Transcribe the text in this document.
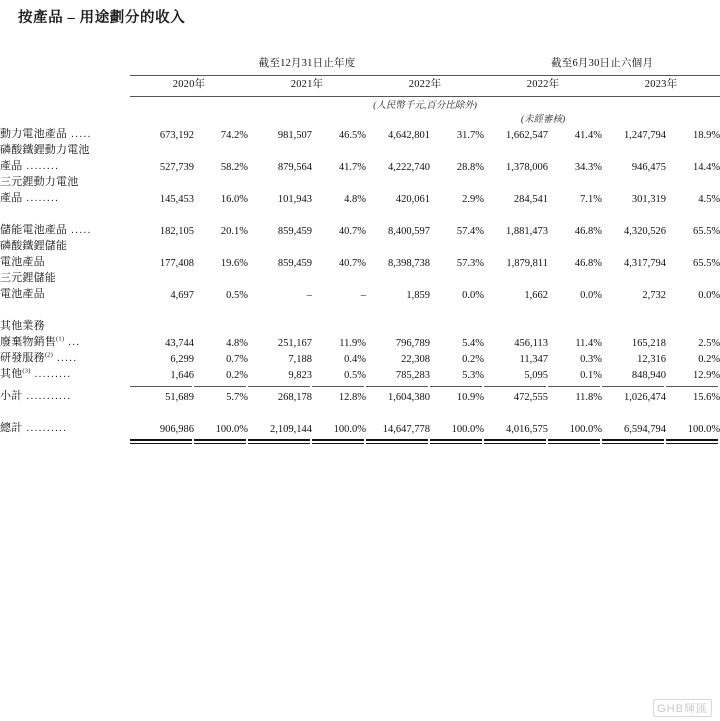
按產品 – 用途劃分的收入
	截至12月31日止年度						截至6月30日止六個月			

	2020年		2021年		2022年		2022年		2023年	

					(人民幣千元,百分比除外)					
							(未經審核)			
動力電池產品 .....	673,192	74.2%	981,507	46.5%	4,642,801	31.7%	1,662,547	41.4%	1,247,794	18.9%
磷酸鐵鋰動力電池										
產品 ........	527,739	58.2%	879,564	41.7%	4,222,740	28.8%	1,378,006	34.3%	946,475	14.4%
三元鋰動力電池										
產品 ........	145,453	16.0%	101,943	4.8%	420,061	2.9%	284,541	7.1%	301,319	4.5%

儲能電池產品 .....	182,105	20.1%	859,459	40.7%	8,400,597	57.4%	1,881,473	46.8%	4,320,526	65.5%
磷酸鐵鋰儲能										
電池產品	177,408	19.6%	859,459	40.7%	8,398,738	57.3%	1,879,811	46.8%	4,317,794	65.5%
三元鋰儲能										
電池產品	4,697	0.5%	–	–	1,859	0.0%	1,662	0.0%	2,732	0.0%

其他業務										
廢棄物銷售$^{(1)}$ ...	43,744	4.8%	251,167	11.9%	796,789	5.4%	456,113	11.4%	165,218	2.5%
研發服務$^{(2)}$ .....	6,299	0.7%	7,188	0.4%	22,308	0.2%	11,347	0.3%	12,316	0.2%
其他$^{(3)}$ .........	1,646	0.2%	9,823	0.5%	785,283	5.3%	5,095	0.1%	848,940	12.9%

小計 ...........	51,689	5.7%	268,178	12.8%	1,604,380	10.9%	472,555	11.8%	1,026,474	15.6%

總計 ..........	906,986	100.0%	2,109,144	100.0%	14,647,778	100.0%	4,016,575	100.0%	6,594,794	100.0%

GHB輝匯
